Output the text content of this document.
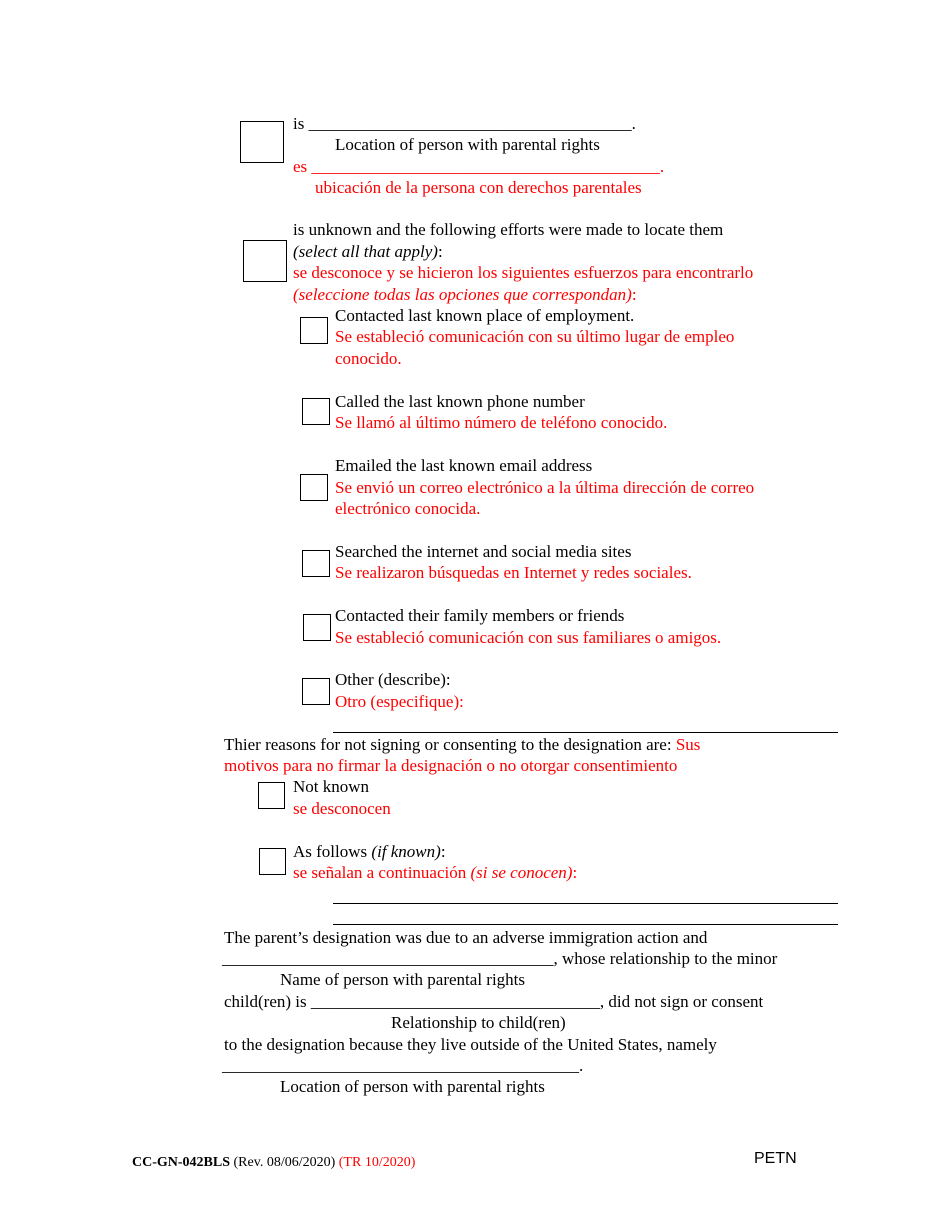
is ______________________________________.
Location of person with parental rights
es _________________________________________.
ubicación de la persona con derechos parentales
is unknown and the following efforts were made to locate them
(select all that apply):
se desconoce y se hicieron los siguientes esfuerzos para encontrarlo
(seleccione todas las opciones que correspondan):
Contacted last known place of employment.
Se estableció comunicación con su último lugar de empleo
conocido.
Called the last known phone number
Se llamó al último número de teléfono conocido.
Emailed the last known email address
Se envió un correo electrónico a la última dirección de correo
electrónico conocida.
Searched the internet and social media sites
Se realizaron búsquedas en Internet y redes sociales.
Contacted their family members or friends
Se estableció comunicación con sus familiares o amigos.
Other (describe):
Otro (especifique):
Thier reasons for not signing or consenting to the designation are: Sus
motivos para no firmar la designación o no otorgar consentimiento
Not known
se desconocen
As follows (if known):
se señalan a continuación (si se conocen):
The parent’s designation was due to an adverse immigration action and
_______________________________________, whose relationship to the minor
Name of person with parental rights
child(ren) is __________________________________, did not sign or consent
Relationship to child(ren)
to the designation because they live outside of the United States, namely
__________________________________________.
Location of person with parental rights
CC-GN-042BLS (Rev. 08/06/2020) (TR 10/2020)	PETN
